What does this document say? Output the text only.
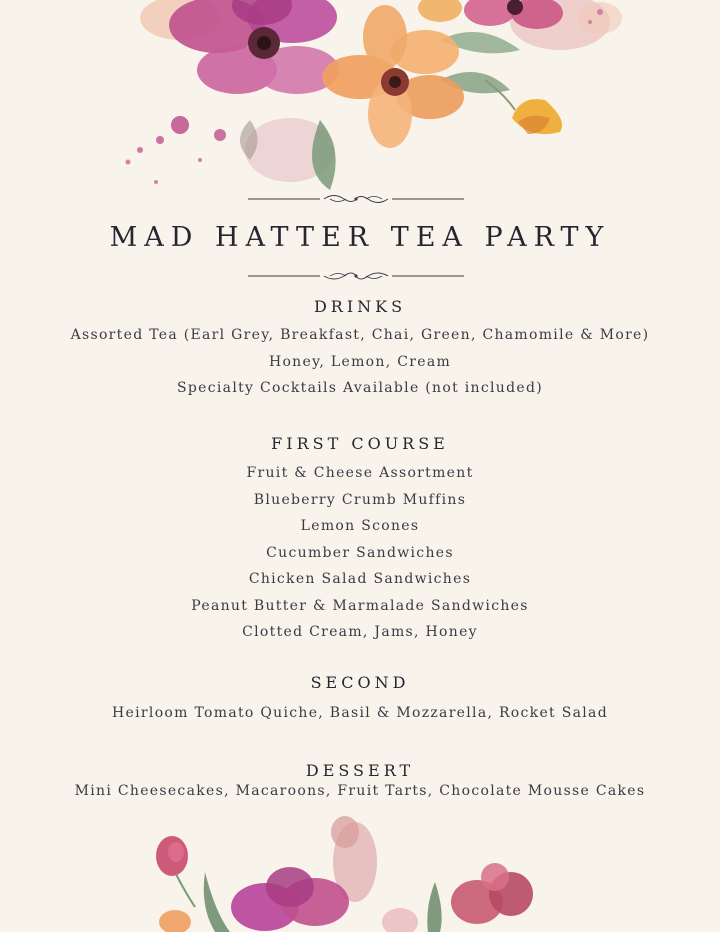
MAD HATTER TEA PARTY
DRINKS
Assorted Tea (Earl Grey, Breakfast, Chai, Green, Chamomile & More)
Honey, Lemon, Cream
Specialty Cocktails Available (not included)
FIRST COURSE
Fruit & Cheese Assortment
Blueberry Crumb Muffins
Lemon Scones
Cucumber Sandwiches
Chicken Salad Sandwiches
Peanut Butter & Marmalade Sandwiches
Clotted Cream, Jams, Honey
SECOND
Heirloom Tomato Quiche, Basil & Mozzarella, Rocket Salad
DESSERT
Mini Cheesecakes, Macaroons, Fruit Tarts, Chocolate Mousse Cakes
